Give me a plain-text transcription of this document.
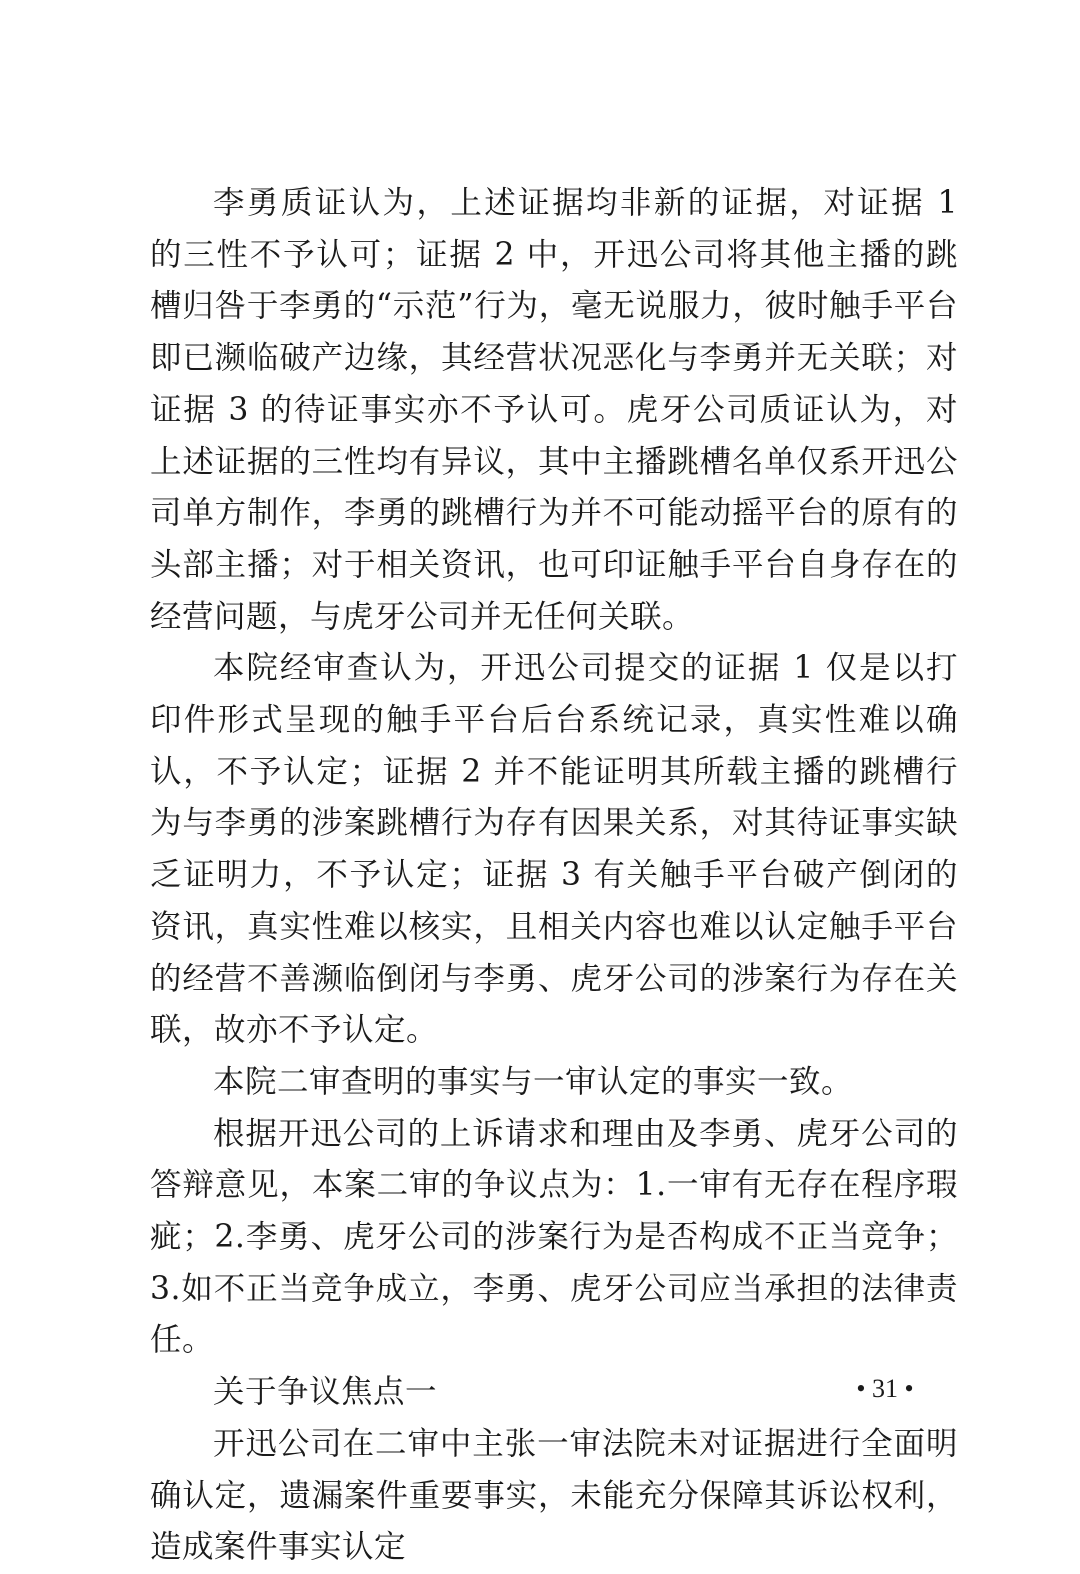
李勇质证认为，上述证据均非新的证据，对证据 1 的三性不予认可；证据 2 中，开迅公司将其他主播的跳槽归咎于李勇的“示范”行为，毫无说服力，彼时触手平台即已濒临破产边缘，其经营状况恶化与李勇并无关联；对证据 3 的待证事实亦不予认可。虎牙公司质证认为，对上述证据的三性均有异议，其中主播跳槽名单仅系开迅公司单方制作，李勇的跳槽行为并不可能动摇平台的原有的头部主播；对于相关资讯，也可印证触手平台自身存在的经营问题，与虎牙公司并无任何关联。

本院经审查认为，开迅公司提交的证据 1 仅是以打印件形式呈现的触手平台后台系统记录，真实性难以确认，不予认定；证据 2 并不能证明其所载主播的跳槽行为与李勇的涉案跳槽行为存有因果关系，对其待证事实缺乏证明力，不予认定；证据 3 有关触手平台破产倒闭的资讯，真实性难以核实，且相关内容也难以认定触手平台的经营不善濒临倒闭与李勇、虎牙公司的涉案行为存在关联，故亦不予认定。

本院二审查明的事实与一审认定的事实一致。

根据开迅公司的上诉请求和理由及李勇、虎牙公司的答辩意见，本案二审的争议点为：1.一审有无存在程序瑕疵；2.李勇、虎牙公司的涉案行为是否构成不正当竞争；3.如不正当竞争成立，李勇、虎牙公司应当承担的法律责任。

关于争议焦点一

开迅公司在二审中主张一审法院未对证据进行全面明确认定，遗漏案件重要事实，未能充分保障其诉讼权利，造成案件事实认定

• 31 •
